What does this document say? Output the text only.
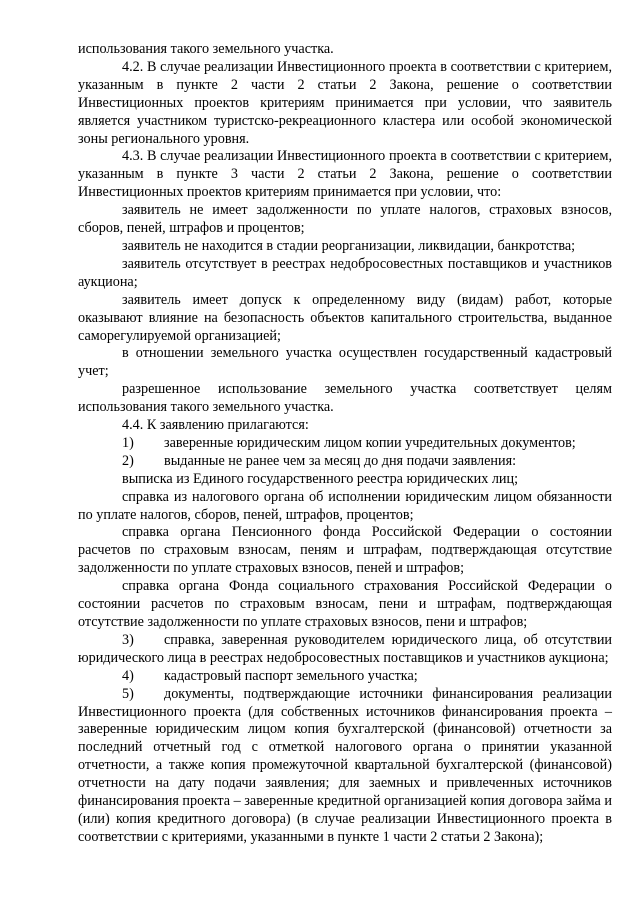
использования такого земельного участка.

4.2. В случае реализации Инвестиционного проекта в соответствии с критерием, указанным в пункте 2 части 2 статьи 2 Закона, решение о соответствии Инвестиционных проектов критериям принимается при условии, что заявитель является участником туристско-рекреационного кластера или особой экономической зоны регионального уровня.

4.3. В случае реализации Инвестиционного проекта в соответствии с критерием, указанным в пункте 3 части 2 статьи 2 Закона, решение о соответствии Инвестиционных проектов критериям принимается при условии, что:

заявитель не имеет задолженности по уплате налогов, страховых взносов, сборов, пеней, штрафов и процентов;

заявитель не находится в стадии реорганизации, ликвидации, банкротства;

заявитель отсутствует в реестрах недобросовестных поставщиков и участников аукциона;

заявитель имеет допуск к определенному виду (видам) работ, которые оказывают влияние на безопасность объектов капитального строительства, выданное саморегулируемой организацией;

в отношении земельного участка осуществлен государственный кадастровый учет;

разрешенное использование земельного участка соответствует целям использования такого земельного участка.

4.4. К заявлению прилагаются:

1) заверенные юридическим лицом копии учредительных документов;

2) выданные не ранее чем за месяц до дня подачи заявления:

выписка из Единого государственного реестра юридических лиц;

справка из налогового органа об исполнении юридическим лицом обязанности по уплате налогов, сборов, пеней, штрафов, процентов;

справка органа Пенсионного фонда Российской Федерации о состоянии расчетов по страховым взносам, пеням и штрафам, подтверждающая отсутствие задолженности по уплате страховых взносов, пеней и штрафов;

справка органа Фонда социального страхования Российской Федерации о состоянии расчетов по страховым взносам, пени и штрафам, подтверждающая отсутствие задолженности по уплате страховых взносов, пени и штрафов;

3) справка, заверенная руководителем юридического лица, об отсутствии юридического лица в реестрах недобросовестных поставщиков и участников аукциона;

4) кадастровый паспорт земельного участка;

5) документы, подтверждающие источники финансирования реализации Инвестиционного проекта (для собственных источников финансирования проекта – заверенные юридическим лицом копия бухгалтерской (финансовой) отчетности за последний отчетный год с отметкой налогового органа о принятии указанной отчетности, а также копия промежуточной квартальной бухгалтерской (финансовой) отчетности на дату подачи заявления; для заемных и привлеченных источников финансирования проекта – заверенные кредитной организацией копия договора займа и (или) копия кредитного договора) (в случае реализации Инвестиционного проекта в соответствии с критериями, указанными в пункте 1 части 2 статьи 2 Закона);
